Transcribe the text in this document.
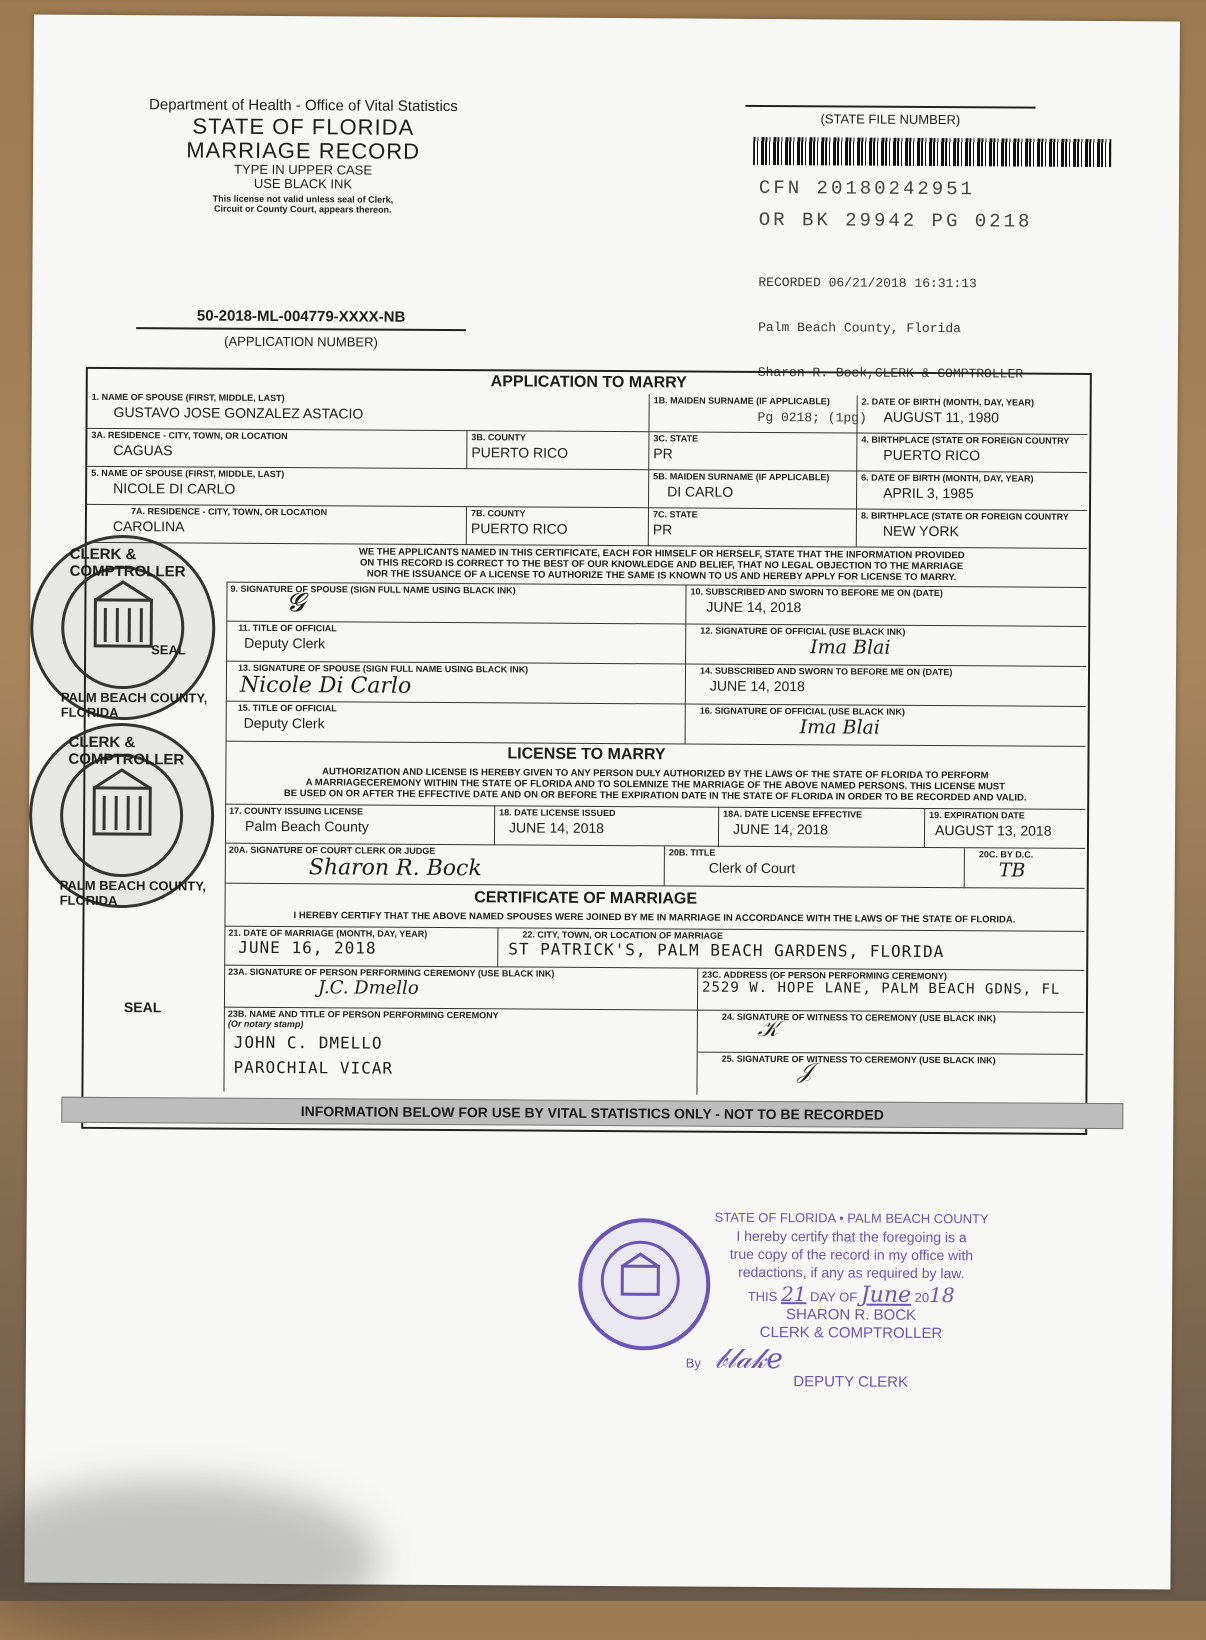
Department of Health - Office of Vital Statistics
STATE OF FLORIDA
MARRIAGE RECORD
TYPE IN UPPER CASE
USE BLACK INK
This license not valid unless seal of Clerk,
Circuit or County Court, appears thereon.
(STATE FILE NUMBER)
CFN 20180242951
OR BK 29942 PG 0218

RECORDED 06/21/2018 16:31:13

Palm Beach County, Florida

Sharon R. Bock,CLERK & COMPTROLLER

Pg 0218; (1pg)

50-2018-ML-004779-XXXX-NB
(APPLICATION NUMBER)
APPLICATION TO MARRY
1. NAME OF SPOUSE (FIRST, MIDDLE, LAST)
GUSTAVO JOSE GONZALEZ ASTACIO
1B. MAIDEN SURNAME (IF APPLICABLE)	2. DATE OF BIRTH (MONTH, DAY, YEAR)
AUGUST 11, 1980
3A. RESIDENCE - CITY, TOWN, OR LOCATION
CAGUAS
3B. COUNTY
PUERTO RICO
3C. STATE
PR
4. BIRTHPLACE (STATE OR FOREIGN COUNTRY
PUERTO RICO
5. NAME OF SPOUSE (FIRST, MIDDLE, LAST)
NICOLE DI CARLO
5B. MAIDEN SURNAME (IF APPLICABLE)
DI CARLO
6. DATE OF BIRTH (MONTH, DAY, YEAR)
APRIL 3, 1985
7A. RESIDENCE - CITY, TOWN, OR LOCATION
CAROLINA
7B. COUNTY
PUERTO RICO
7C. STATE
PR
8. BIRTHPLACE (STATE OR FOREIGN COUNTRY
NEW YORK
WE THE APPLICANTS NAMED IN THIS CERTIFICATE, EACH FOR HIMSELF OR HERSELF, STATE THAT THE INFORMATION PROVIDED
ON THIS RECORD IS CORRECT TO THE BEST OF OUR KNOWLEDGE AND BELIEF, THAT NO LEGAL OBJECTION TO THE MARRIAGE
NOR THE ISSUANCE OF A LICENSE TO AUTHORIZE THE SAME IS KNOWN TO US AND HEREBY APPLY FOR LICENSE TO MARRY.
9. SIGNATURE OF SPOUSE (SIGN FULL NAME USING BLACK INK)	10. SUBSCRIBED AND SWORN TO BEFORE ME ON (DATE)
JUNE 14, 2018
11. TITLE OF OFFICIAL
Deputy Clerk
12. SIGNATURE OF OFFICIAL (USE BLACK INK)
Ima Blai
13. SIGNATURE OF SPOUSE (SIGN FULL NAME USING BLACK INK)
Nicole Di Carlo
14. SUBSCRIBED AND SWORN TO BEFORE ME ON (DATE)
JUNE 14, 2018
15. TITLE OF OFFICIAL
Deputy Clerk
16. SIGNATURE OF OFFICIAL (USE BLACK INK)
Ima Blai
𝓖
LICENSE TO MARRY
AUTHORIZATION AND LICENSE IS HEREBY GIVEN TO ANY PERSON DULY AUTHORIZED BY THE LAWS OF THE STATE OF FLORIDA TO PERFORM
A MARRIAGECEREMONY WITHIN THE STATE OF FLORIDA AND TO SOLEMNIZE THE MARRIAGE OF THE ABOVE NAMED PERSONS. THIS LICENSE MUST
BE USED ON OR AFTER THE EFFECTIVE DATE AND ON OR BEFORE THE EXPIRATION DATE IN THE STATE OF FLORIDA IN ORDER TO BE RECORDED AND VALID.
17. COUNTY ISSUING LICENSE
Palm Beach County
18. DATE LICENSE ISSUED
JUNE 14, 2018
18A. DATE LICENSE EFFECTIVE
JUNE 14, 2018
19. EXPIRATION DATE
AUGUST 13, 2018
20A. SIGNATURE OF COURT CLERK OR JUDGE
Sharon R. Bock
20B. TITLE
Clerk of Court
20C. BY D.C.
TB
CERTIFICATE OF MARRIAGE
I HEREBY CERTIFY THAT THE ABOVE NAMED SPOUSES WERE JOINED BY ME IN MARRIAGE IN ACCORDANCE WITH THE LAWS OF THE STATE OF FLORIDA.
21. DATE OF MARRIAGE (MONTH, DAY, YEAR)
JUNE 16, 2018
22. CITY, TOWN, OR LOCATION OF MARRIAGE
ST PATRICK'S, PALM BEACH GARDENS, FLORIDA
23A. SIGNATURE OF PERSON PERFORMING CEREMONY (USE BLACK INK)
J.C. Dmello
23C. ADDRESS (OF PERSON PERFORMING CEREMONY)
2529 W. HOPE LANE, PALM BEACH GDNS, FL
23B. NAME AND TITLE OF PERSON PERFORMING CEREMONY
(Or notary stamp)
JOHN C. DMELLO
PAROCHIAL VICAR
24. SIGNATURE OF WITNESS TO CEREMONY (USE BLACK INK)
𝒦
25. SIGNATURE OF WITNESS TO CEREMONY (USE BLACK INK)
𝒥
SEAL
CLERK & COMPTROLLER
PALM BEACH COUNTY, FLORIDA
SEAL
CLERK & COMPTROLLER
PALM BEACH COUNTY, FLORIDA
INFORMATION BELOW FOR USE BY VITAL STATISTICS ONLY - NOT TO BE RECORDED
STATE OF FLORIDA • PALM BEACH COUNTY
I hereby certify that the foregoing is a
true copy of the record in my office with
redactions, if any as required by law.
THIS 21 DAY OF June 2018
SHARON R. BOCK
CLERK & COMPTROLLER
By 𝒷𝓁𝒶𝓀𝑒
DEPUTY CLERK
